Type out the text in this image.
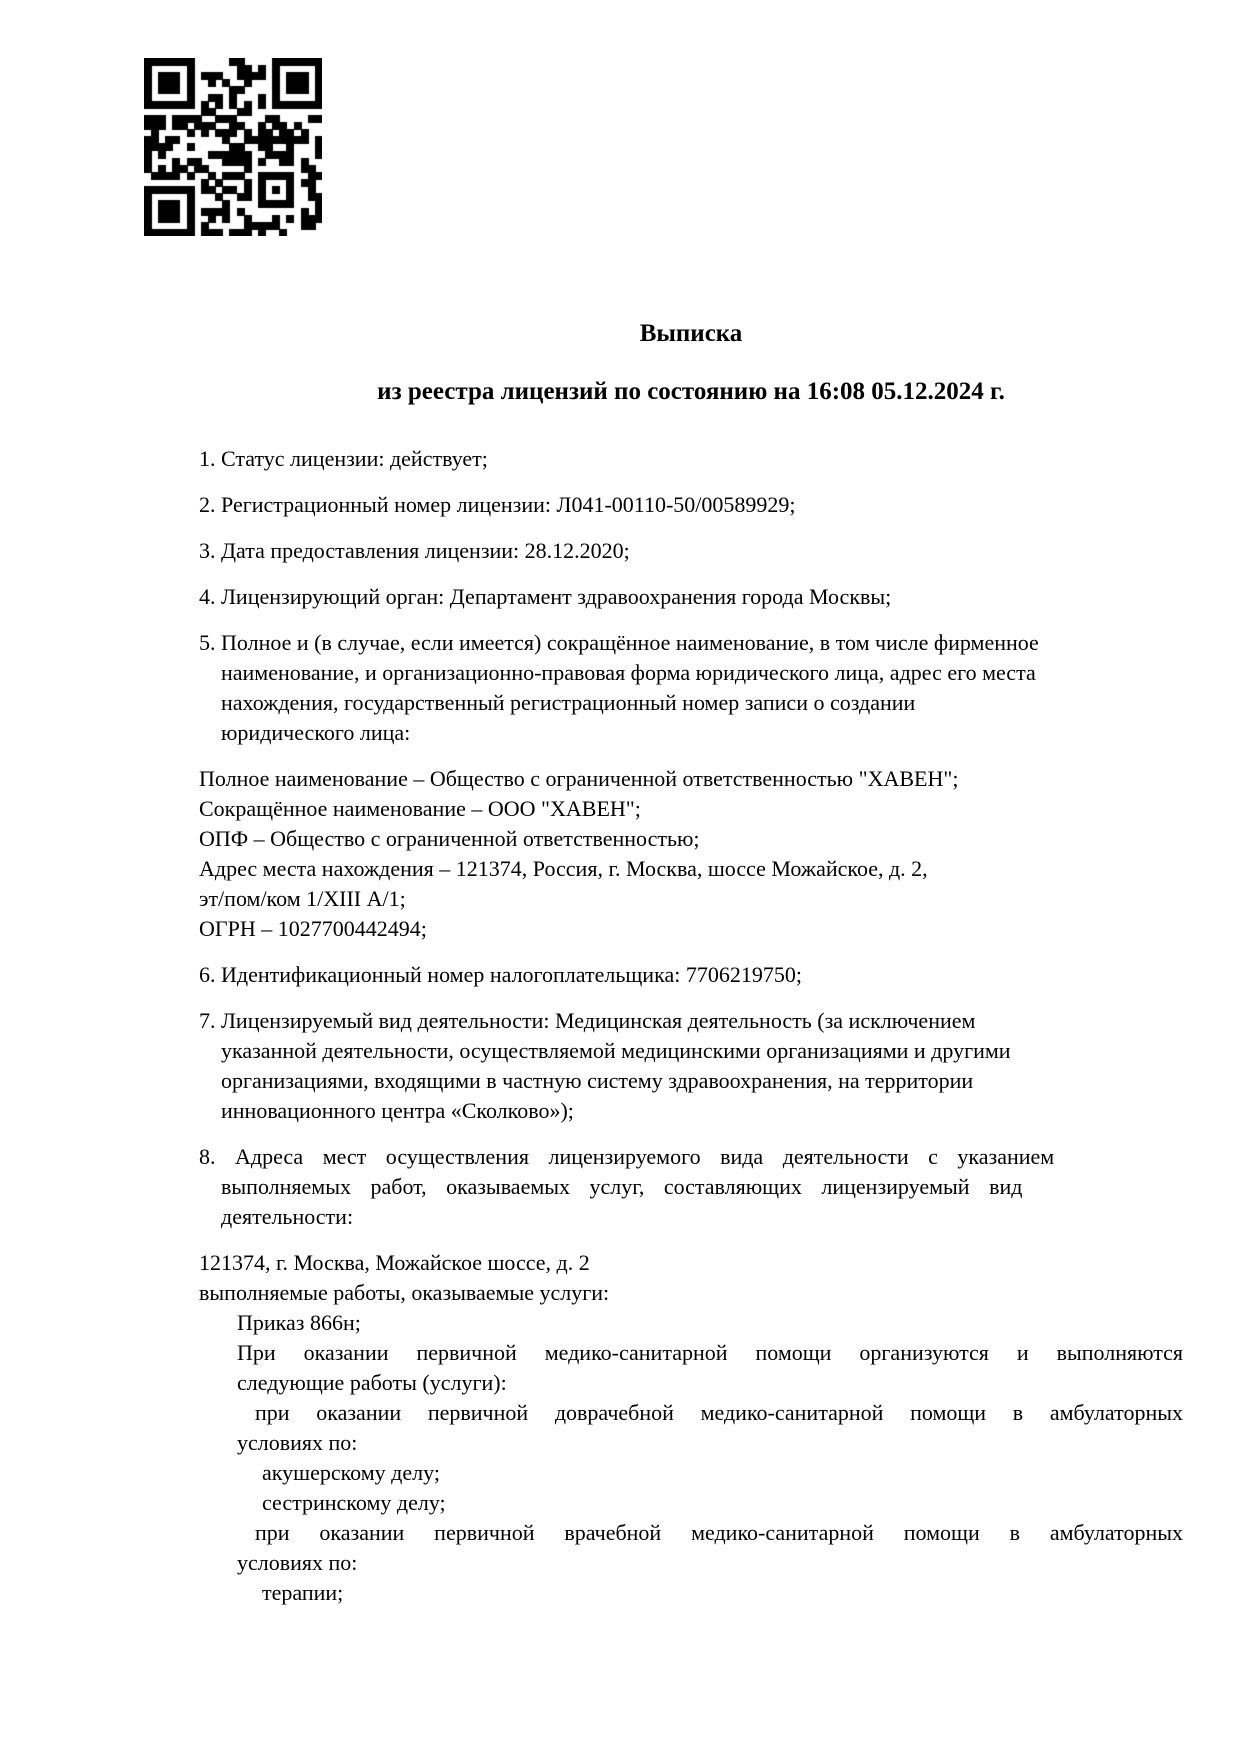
Выписка
из реестра лицензий по состоянию на 16:08 05.12.2024 г.
1. Статус лицензии: действует;
2. Регистрационный номер лицензии: Л041-00110-50/00589929;
3. Дата предоставления лицензии: 28.12.2020;
4. Лицензирующий орган: Департамент здравоохранения города Москвы;
5. Полное и (в случае, если имеется) сокращённое наименование, в том числе фирменное
наименование, и организационно-правовая форма юридического лица, адрес его места
нахождения, государственный регистрационный номер записи о создании
юридического лица:
Полное наименование – Общество с ограниченной ответственностью "ХАВЕН";
Сокращённое наименование – ООО "ХАВЕН";
ОПФ – Общество с ограниченной ответственностью;
Адрес места нахождения – 121374, Россия, г. Москва, шоссе Можайское, д. 2,
эт/пом/ком 1/XIII А/1;
ОГРН – 1027700442494;
6. Идентификационный номер налогоплательщика: 7706219750;
7. Лицензируемый вид деятельности: Медицинская деятельность (за исключением
указанной деятельности, осуществляемой медицинскими организациями и другими
организациями, входящими в частную систему здравоохранения, на территории
инновационного центра «Сколково»);
8. Адреса мест осуществления лицензируемого вида деятельности с указанием
выполняемых работ, оказываемых услуг, составляющих лицензируемый вид
деятельности:
121374, г. Москва, Можайское шоссе, д. 2
выполняемые работы, оказываемые услуги:
Приказ 866н;
При оказании первичной медико-санитарной помощи организуются и выполняются
следующие работы (услуги):
при оказании первичной доврачебной медико-санитарной помощи в амбулаторных
условиях по:
акушерскому делу;
сестринскому делу;
при оказании первичной врачебной медико-санитарной помощи в амбулаторных
условиях по:
терапии;
